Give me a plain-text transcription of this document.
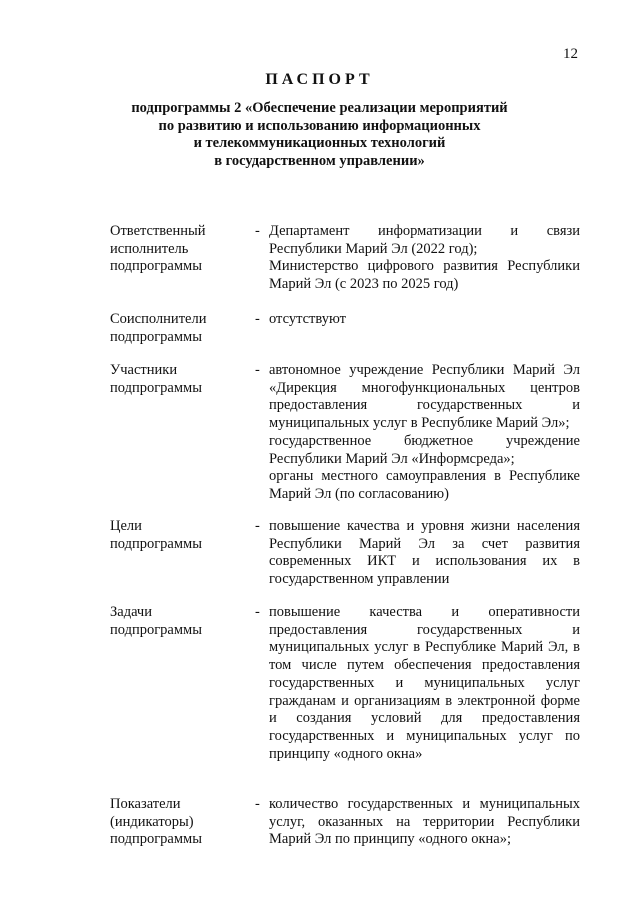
12
ПАСПОРТ
подпрограммы 2 «Обеспечение реализации мероприятий
по развитию и использованию информационных
и телекоммуникационных технологий
в государственном управлении»
Ответственный
исполнитель
подпрограммы
- Департамент информатизации и связи Республики Марий Эл (2022 год);

Министерство цифрового развития Республики Марий Эл (с 2023 по 2025 год)

Соисполнители
подпрограммы
- отсутствуют

Участники
подпрограммы
- автономное учреждение Республики Марий Эл «Дирекция многофункциональных центров предоставления государственных и муниципальных услуг в Республике Марий Эл»;

государственное бюджетное учреждение Республики Марий Эл «Информсреда»;

органы местного самоуправления в Республике Марий Эл (по согласованию)

Цели
подпрограммы
- повышение качества и уровня жизни населения Республики Марий Эл за счет развития современных ИКТ и использования их в государственном управлении

Задачи
подпрограммы
- повышение качества и оперативности предоставления государственных и муниципальных услуг в Республике Марий Эл, в том числе путем обеспечения предоставления государственных и муниципальных услуг гражданам и организациям в электронной форме и создания условий для предоставления государственных и муниципальных услуг по принципу «одного окна»

Показатели
(индикаторы)
подпрограммы
- количество государственных и муниципальных услуг, оказанных на территории Республики Марий Эл по принципу «одного окна»;
